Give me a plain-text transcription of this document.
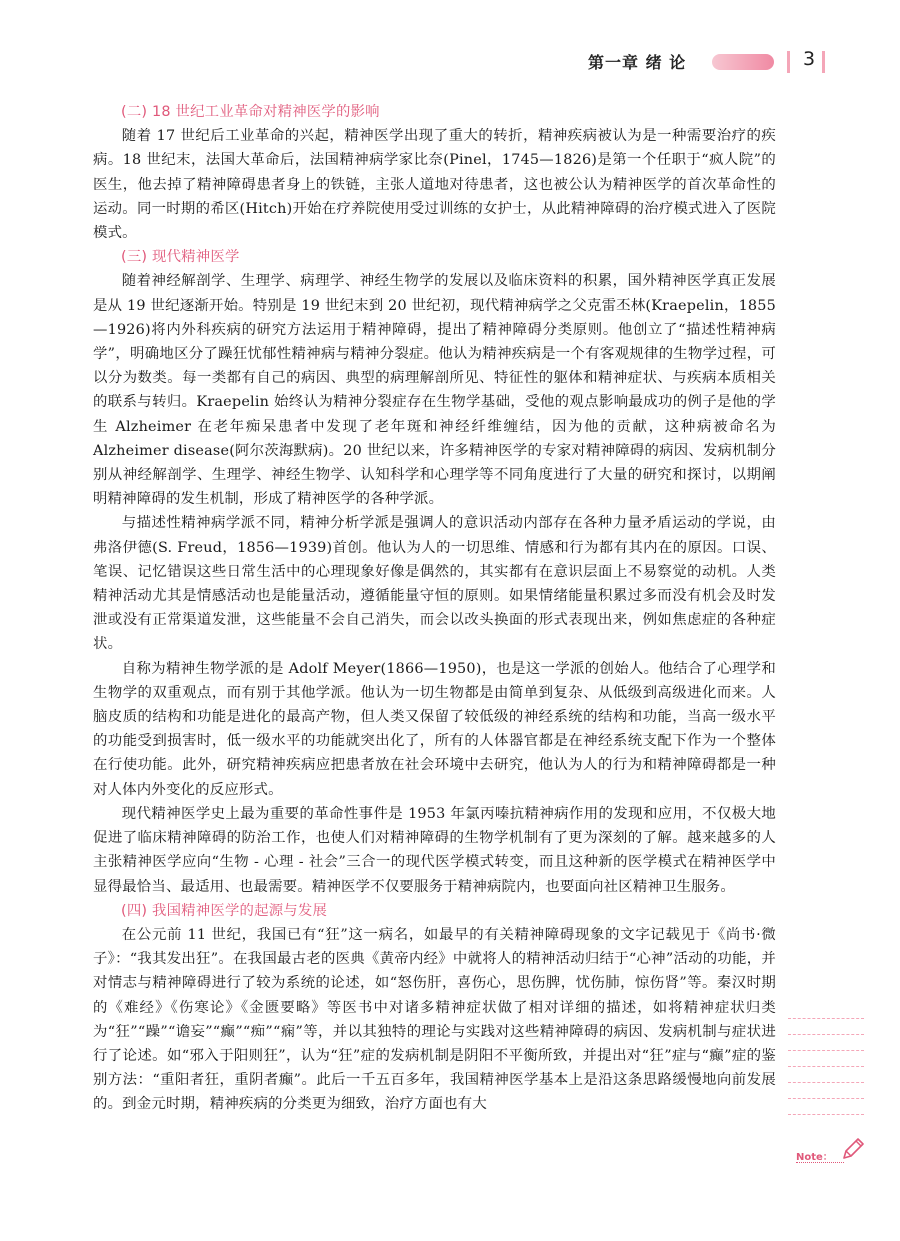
第一章 绪 论	3
(二) 18 世纪工业革命对精神医学的影响

随着 17 世纪后工业革命的兴起，精神医学出现了重大的转折，精神疾病被认为是一种需要治疗的疾病。18 世纪末，法国大革命后，法国精神病学家比奈(Pinel，1745—1826)是第一个任职于“疯人院”的医生，他去掉了精神障碍患者身上的铁链，主张人道地对待患者，这也被公认为精神医学的首次革命性的运动。同一时期的希区(Hitch)开始在疗养院使用受过训练的女护士，从此精神障碍的治疗模式进入了医院模式。

(三) 现代精神医学

随着神经解剖学、生理学、病理学、神经生物学的发展以及临床资料的积累，国外精神医学真正发展是从 19 世纪逐渐开始。特别是 19 世纪末到 20 世纪初，现代精神病学之父克雷丕林(Kraepelin，1855—1926)将内外科疾病的研究方法运用于精神障碍，提出了精神障碍分类原则。他创立了“描述性精神病学”，明确地区分了躁狂忧郁性精神病与精神分裂症。他认为精神疾病是一个有客观规律的生物学过程，可以分为数类。每一类都有自己的病因、典型的病理解剖所见、特征性的躯体和精神症状、与疾病本质相关的联系与转归。Kraepelin 始终认为精神分裂症存在生物学基础，受他的观点影响最成功的例子是他的学生 Alzheimer 在老年痴呆患者中发现了老年斑和神经纤维缠结，因为他的贡献，这种病被命名为 Alzheimer disease(阿尔茨海默病)。20 世纪以来，许多精神医学的专家对精神障碍的病因、发病机制分别从神经解剖学、生理学、神经生物学、认知科学和心理学等不同角度进行了大量的研究和探讨，以期阐明精神障碍的发生机制，形成了精神医学的各种学派。

与描述性精神病学派不同，精神分析学派是强调人的意识活动内部存在各种力量矛盾运动的学说，由弗洛伊德(S. Freud，1856—1939)首创。他认为人的一切思维、情感和行为都有其内在的原因。口误、笔误、记忆错误这些日常生活中的心理现象好像是偶然的，其实都有在意识层面上不易察觉的动机。人类精神活动尤其是情感活动也是能量活动，遵循能量守恒的原则。如果情绪能量积累过多而没有机会及时发泄或没有正常渠道发泄，这些能量不会自己消失，而会以改头换面的形式表现出来，例如焦虑症的各种症状。

自称为精神生物学派的是 Adolf Meyer(1866—1950)，也是这一学派的创始人。他结合了心理学和生物学的双重观点，而有别于其他学派。他认为一切生物都是由简单到复杂、从低级到高级进化而来。人脑皮质的结构和功能是进化的最高产物，但人类又保留了较低级的神经系统的结构和功能，当高一级水平的功能受到损害时，低一级水平的功能就突出化了，所有的人体器官都是在神经系统支配下作为一个整体在行使功能。此外，研究精神疾病应把患者放在社会环境中去研究，他认为人的行为和精神障碍都是一种对人体内外变化的反应形式。

现代精神医学史上最为重要的革命性事件是 1953 年氯丙嗪抗精神病作用的发现和应用，不仅极大地促进了临床精神障碍的防治工作，也使人们对精神障碍的生物学机制有了更为深刻的了解。越来越多的人主张精神医学应向“生物 - 心理 - 社会”三合一的现代医学模式转变，而且这种新的医学模式在精神医学中显得最恰当、最适用、也最需要。精神医学不仅要服务于精神病院内，也要面向社区精神卫生服务。

(四) 我国精神医学的起源与发展

在公元前 11 世纪，我国已有“狂”这一病名，如最早的有关精神障碍现象的文字记载见于《尚书·微子》：“我其发出狂”。在我国最古老的医典《黄帝内经》中就将人的精神活动归结于“心神”活动的功能，并对情志与精神障碍进行了较为系统的论述，如“怒伤肝，喜伤心，思伤脾，忧伤肺，惊伤肾”等。秦汉时期的《难经》《伤寒论》《金匮要略》等医书中对诸多精神症状做了相对详细的描述，如将精神症状归类为“狂”“躁”“谵妄”“癫”“痴”“痫”等，并以其独特的理论与实践对这些精神障碍的病因、发病机制与症状进行了论述。如“邪入于阳则狂”，认为“狂”症的发病机制是阴阳不平衡所致，并提出对“狂”症与“癫”症的鉴别方法：“重阳者狂，重阴者癫”。此后一千五百多年，我国精神医学基本上是沿这条思路缓慢地向前发展的。到金元时期，精神疾病的分类更为细致，治疗方面也有大

Note：
